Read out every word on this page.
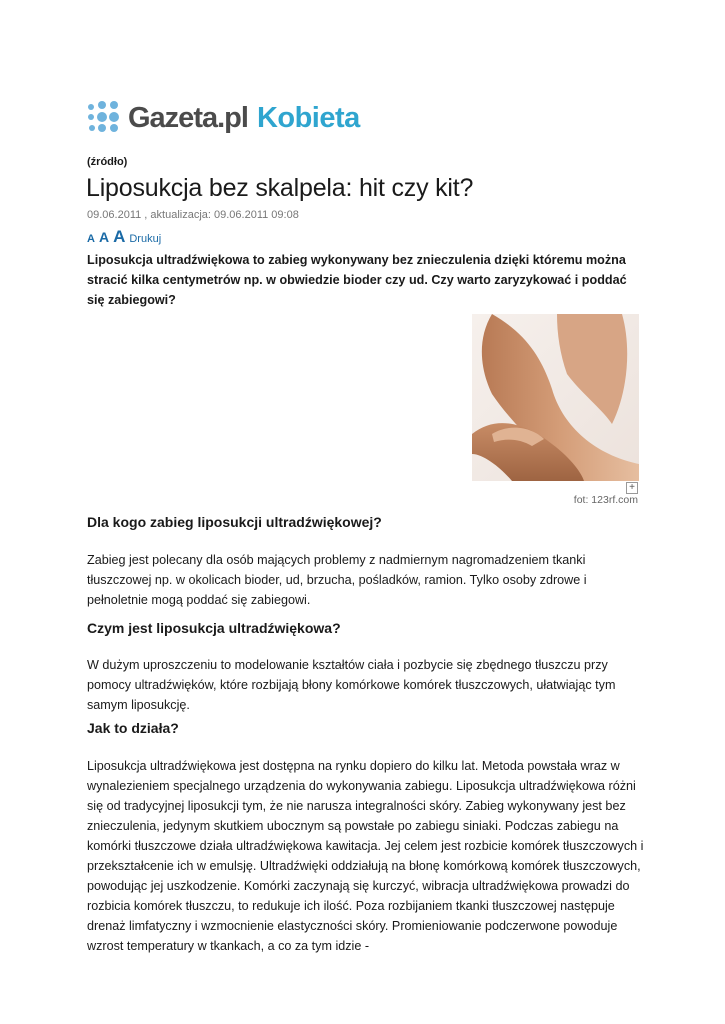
Gazeta.pl Kobieta
(źródło)
Liposukcja bez skalpela: hit czy kit?
09.06.2011 , aktualizacja: 09.06.2011 09:08
A A A Drukuj

Liposukcja ultradźwiękowa to zabieg wykonywany bez znieczulenia dzięki któremu można stracić kilka centymetrów np. w obwiedzie bioder czy ud. Czy warto zaryzykować i poddać się zabiegowi?

+
fot: 123rf.com
Dla kogo zabieg liposukcji ultradźwiękowej?

Zabieg jest polecany dla osób mających problemy z nadmiernym nagromadzeniem tkanki tłuszczowej np. w okolicach bioder, ud, brzucha, pośladków, ramion. Tylko osoby zdrowe i pełnoletnie mogą poddać się zabiegowi.

Czym jest liposukcja ultradźwiękowa?

W dużym uproszczeniu to modelowanie kształtów ciała i pozbycie się zbędnego tłuszczu przy pomocy ultradźwięków, które rozbijają błony komórkowe komórek tłuszczowych, ułatwiając tym samym liposukcję.

Jak to działa?

Liposukcja ultradźwiękowa jest dostępna na rynku dopiero do kilku lat. Metoda powstała wraz w wynalezieniem specjalnego urządzenia do wykonywania zabiegu. Liposukcja ultradźwiękowa różni się od tradycyjnej liposukcji tym, że nie narusza integralności skóry. Zabieg wykonywany jest bez znieczulenia, jedynym skutkiem ubocznym są powstałe po zabiegu siniaki. Podczas zabiegu na komórki tłuszczowe działa ultradźwiękowa kawitacja. Jej celem jest rozbicie komórek tłuszczowych i przekształcenie ich w emulsję. Ultradźwięki oddziałują na błonę komórkową komórek tłuszczowych, powodując jej uszkodzenie. Komórki zaczynają się kurczyć, wibracja ultradźwiękowa prowadzi do rozbicia komórek tłuszczu, to redukuje ich ilość. Poza rozbijaniem tkanki tłuszczowej następuje drenaż limfatyczny i wzmocnienie elastyczności skóry. Promieniowanie podczerwone powoduje wzrost temperatury w tkankach, a co za tym idzie -
